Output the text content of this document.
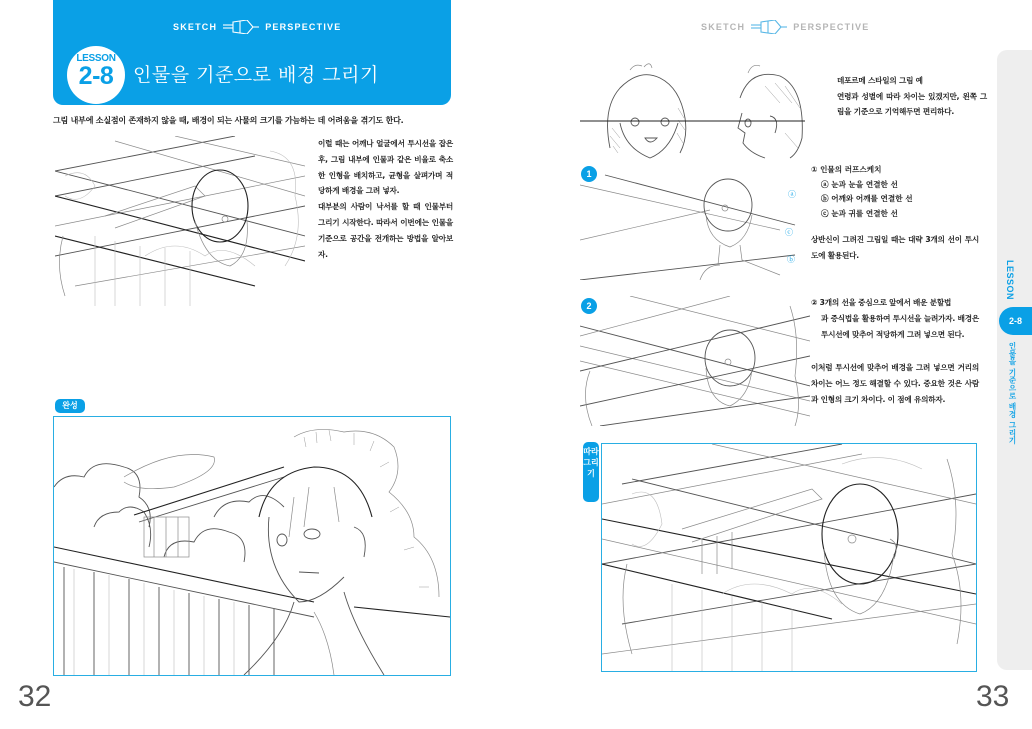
SKETCH	PERSPECTIVE
LESSON
2-8	인물을 기준으로 배경 그리기
그림 내부에 소실점이 존재하지 않을 때, 배경이 되는 사물의 크기를 가늠하는 데 어려움을 겪기도 한다.

이럴 때는 어깨나 얼굴에서 투시선을 잡은 후, 그림 내부에 인물과 같은 비율로 축소한 인형을 배치하고, 균형을 살펴가며 적당하게 배경을 그려 넣자.

대부분의 사람이 낙서를 할 때 인물부터 그리기 시작한다. 따라서 이번에는 인물을 기준으로 공간을 전개하는 방법을 알아보자.

완성
32
SKETCH	PERSPECTIVE

데포르메 스타일의 그림 예

연령과 성별에 따라 차이는 있겠지만, 왼쪽 그림을 기준으로 기억해두면 편리하다.

ⓐ
ⓒ
ⓑ
1	① 인물의 러프스케치
ⓐ 눈과 눈을 연결한 선
ⓑ 어깨와 어깨를 연결한 선
ⓒ 눈과 귀를 연결한 선
상반신이 그려진 그림일 때는 대략 3개의 선이 투시도에 활용된다.
2	② 3개의 선을 중심으로 앞에서 배운 분할법
과 증식법을 활용하여 투시선을 늘려가자. 배경은 투시선에 맞추어 적당하게 그려 넣으면 된다.
이처럼 투시선에 맞추어 배경을 그려 넣으면 거리의 차이는 어느 정도 해결할 수 있다. 중요한 것은 사람과 인형의 크기 차이다. 이 점에 유의하자.
따라 그리기
LESSON
2-8
인물을 기준으로 배경 그리기
33
